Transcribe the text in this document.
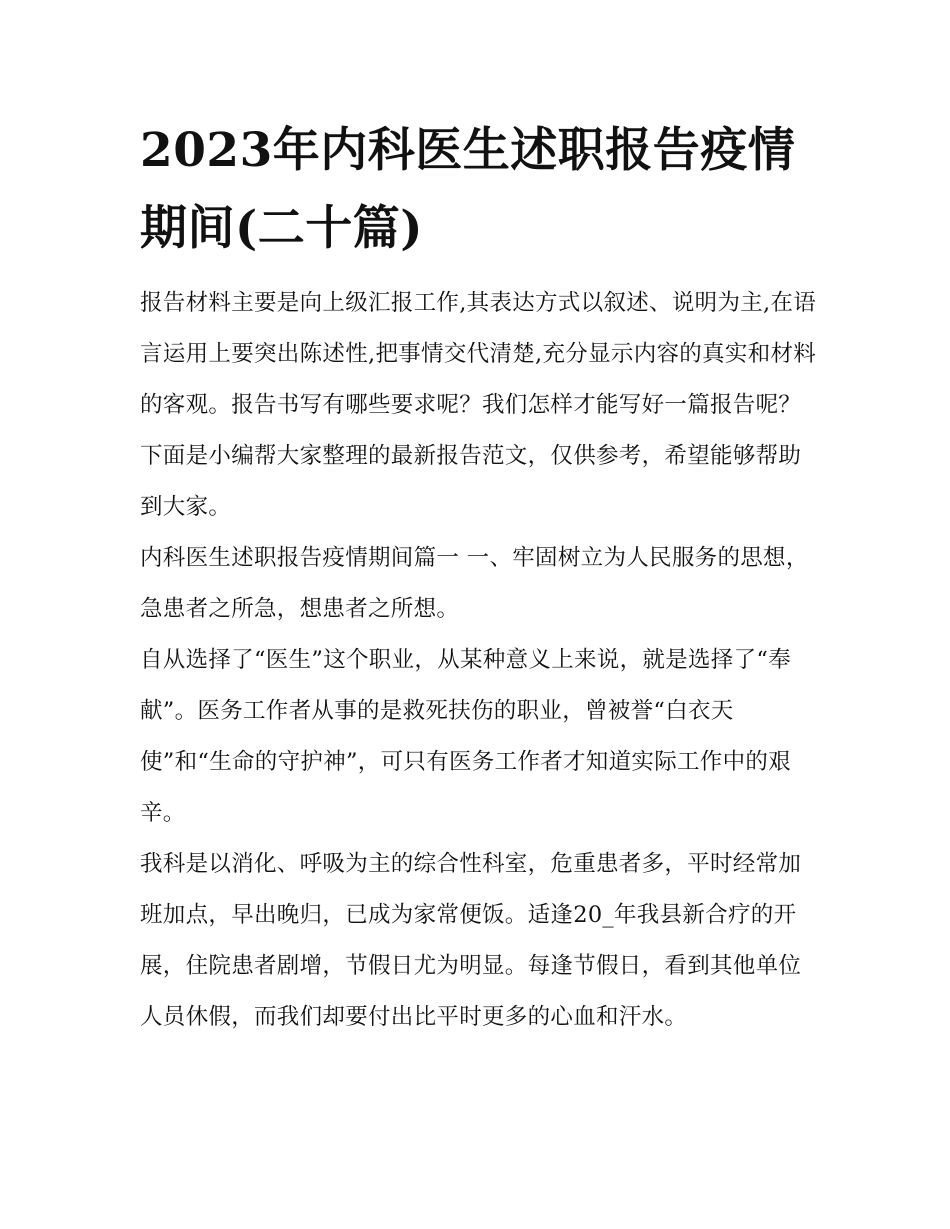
2023年内科医生述职报告疫情期间(二十篇)

报告材料主要是向上级汇报工作,其表达方式以叙述、说明为主,在语言运用上要突出陈述性,把事情交代清楚,充分显示内容的真实和材料的客观。报告书写有哪些要求呢？我们怎样才能写好一篇报告呢？下面是小编帮大家整理的最新报告范文，仅供参考，希望能够帮助到大家。

内科医生述职报告疫情期间篇一 一、牢固树立为人民服务的思想，急患者之所急，想患者之所想。

自从选择了“医生”这个职业，从某种意义上来说，就是选择了“奉献”。医务工作者从事的是救死扶伤的职业，曾被誉“白衣天使”和“生命的守护神”，可只有医务工作者才知道实际工作中的艰辛。

我科是以消化、呼吸为主的综合性科室，危重患者多，平时经常加班加点，早出晚归，已成为家常便饭。适逢20_年我县新合疗的开展，住院患者剧增，节假日尤为明显。每逢节假日，看到其他单位人员休假，而我们却要付出比平时更多的心血和汗水。
